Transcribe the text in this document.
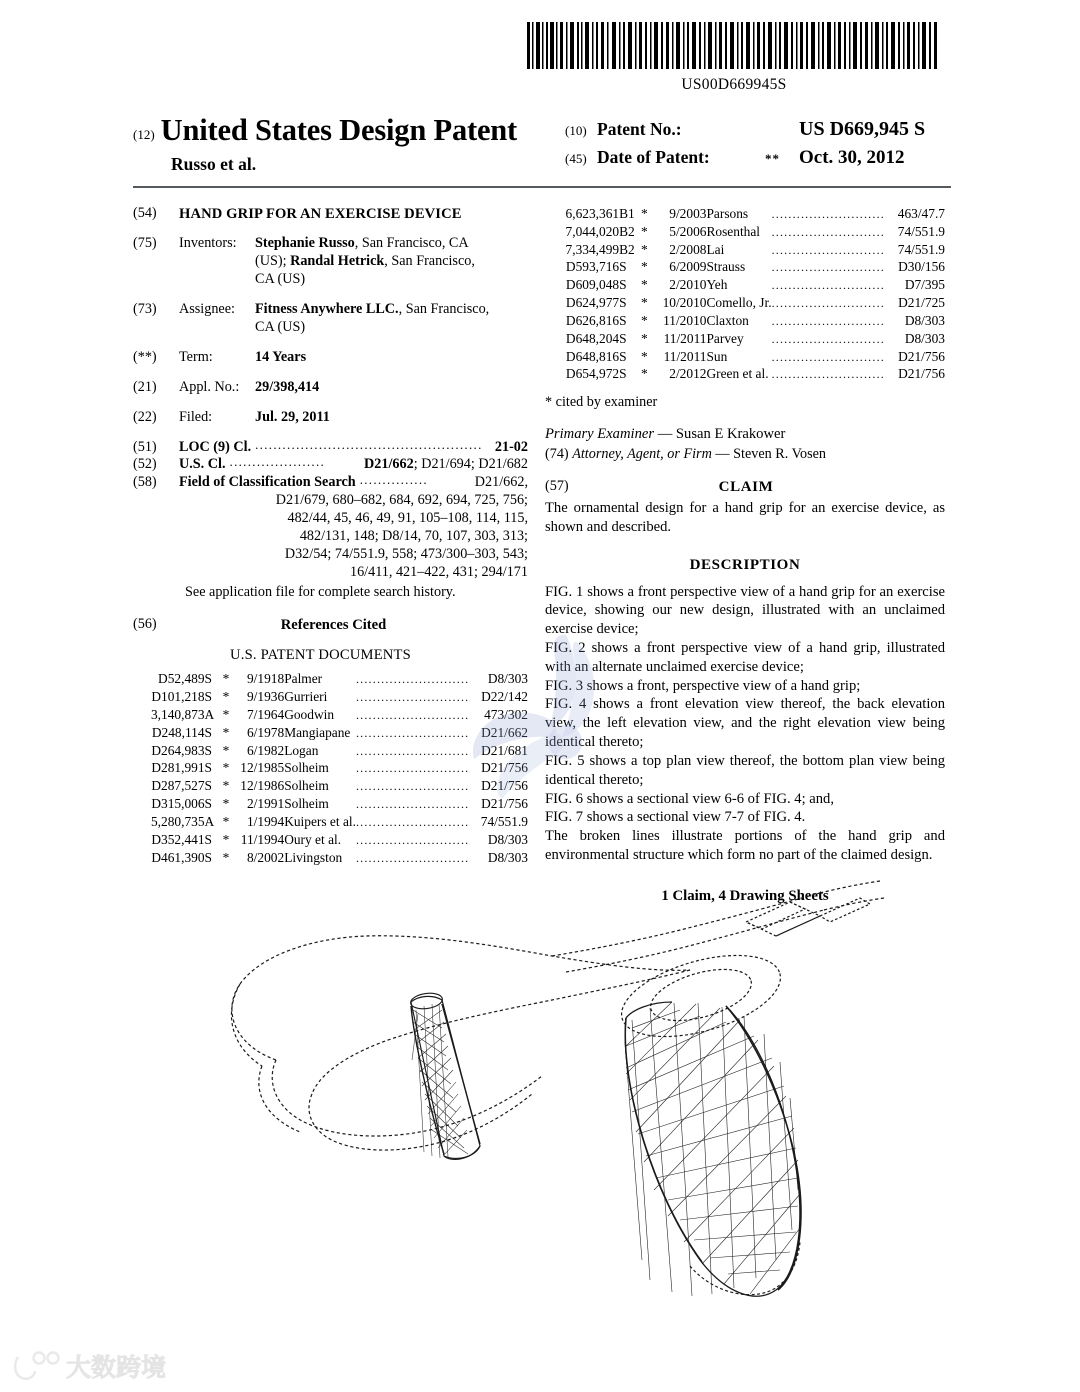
US00D669945S
(12) United States Design Patent
Russo et al.
(10) Patent No.:	US D669,945 S
(45) Date of Patent:	**	Oct. 30, 2012
(54)	HAND GRIP FOR AN EXERCISE DEVICE
(75)	Inventors:	Stephanie Russo, San Francisco, CA
(US); Randal Hetrick, San Francisco,
CA (US)
(73)	Assignee:	Fitness Anywhere LLC., San Francisco,
CA (US)
(**)	Term:	14 Years
(21)	Appl. No.:	29/398,414
(22)	Filed:	Jul. 29, 2011
(51)	LOC (9) Cl. .................................................. 21-02
(52)	U.S. Cl. .....................	D21/662; D21/694; D21/682
(58)	Field of Classification Search ...............	D21/662,
D21/679, 680–682, 684, 692, 694, 725, 756;
482/44, 45, 46, 49, 91, 105–108, 114, 115,
482/131, 148; D8/14, 70, 107, 303, 313;
D32/54; 74/551.9, 558; 473/300–303, 543;
16/411, 421–422, 431; 294/171
See application file for complete search history.
(56)	References Cited
U.S. PATENT DOCUMENTS
D52,489	S	*	9/1918	Palmer	...........................	D8/303
D101,218	S	*	9/1936	Gurrieri	...........................	D22/142
3,140,873	A	*	7/1964	Goodwin	...........................	473/302
D248,114	S	*	6/1978	Mangiapane	...........................	D21/662
D264,983	S	*	6/1982	Logan	...........................	D21/681
D281,991	S	*	12/1985	Solheim	...........................	D21/756
D287,527	S	*	12/1986	Solheim	...........................	D21/756
D315,006	S	*	2/1991	Solheim	...........................	D21/756
5,280,735	A	*	1/1994	Kuipers et al.	...........................	74/551.9
D352,441	S	*	11/1994	Oury et al.	...........................	D8/303
D461,390	S	*	8/2002	Livingston	...........................	D8/303
6,623,361	B1	*	9/2003	Parsons	...........................	463/47.7
7,044,020	B2	*	5/2006	Rosenthal	...........................	74/551.9
7,334,499	B2	*	2/2008	Lai	...........................	74/551.9
D593,716	S	*	6/2009	Strauss	...........................	D30/156
D609,048	S	*	2/2010	Yeh	...........................	D7/395
D624,977	S	*	10/2010	Comello, Jr.	...........................	D21/725
D626,816	S	*	11/2010	Claxton	...........................	D8/303
D648,204	S	*	11/2011	Parvey	...........................	D8/303
D648,816	S	*	11/2011	Sun	...........................	D21/756
D654,972	S	*	2/2012	Green et al.	...........................	D21/756
* cited by examiner
Primary Examiner — Susan E Krakower
(74) Attorney, Agent, or Firm — Steven R. Vosen
(57)	CLAIM
The ornamental design for a hand grip for an exercise device, as shown and described.
DESCRIPTION

FIG. 1 shows a front perspective view of a hand grip for an exercise device, showing our new design, illustrated with an unclaimed exercise device;

FIG. 2 shows a front perspective view of a hand grip, illustrated with an alternate unclaimed exercise device;

FIG. 3 shows a front, perspective view of a hand grip;

FIG. 4 shows a front elevation view thereof, the back elevation view, the left elevation view, and the right elevation view being identical thereto;

FIG. 5 shows a top plan view thereof, the bottom plan view being identical thereto;

FIG. 6 shows a sectional view 6-6 of FIG. 4; and,

FIG. 7 shows a sectional view 7-7 of FIG. 4.

The broken lines illustrate portions of the hand grip and environmental structure which form no part of the claimed design.

1 Claim, 4 Drawing Sheets
大数跨境
